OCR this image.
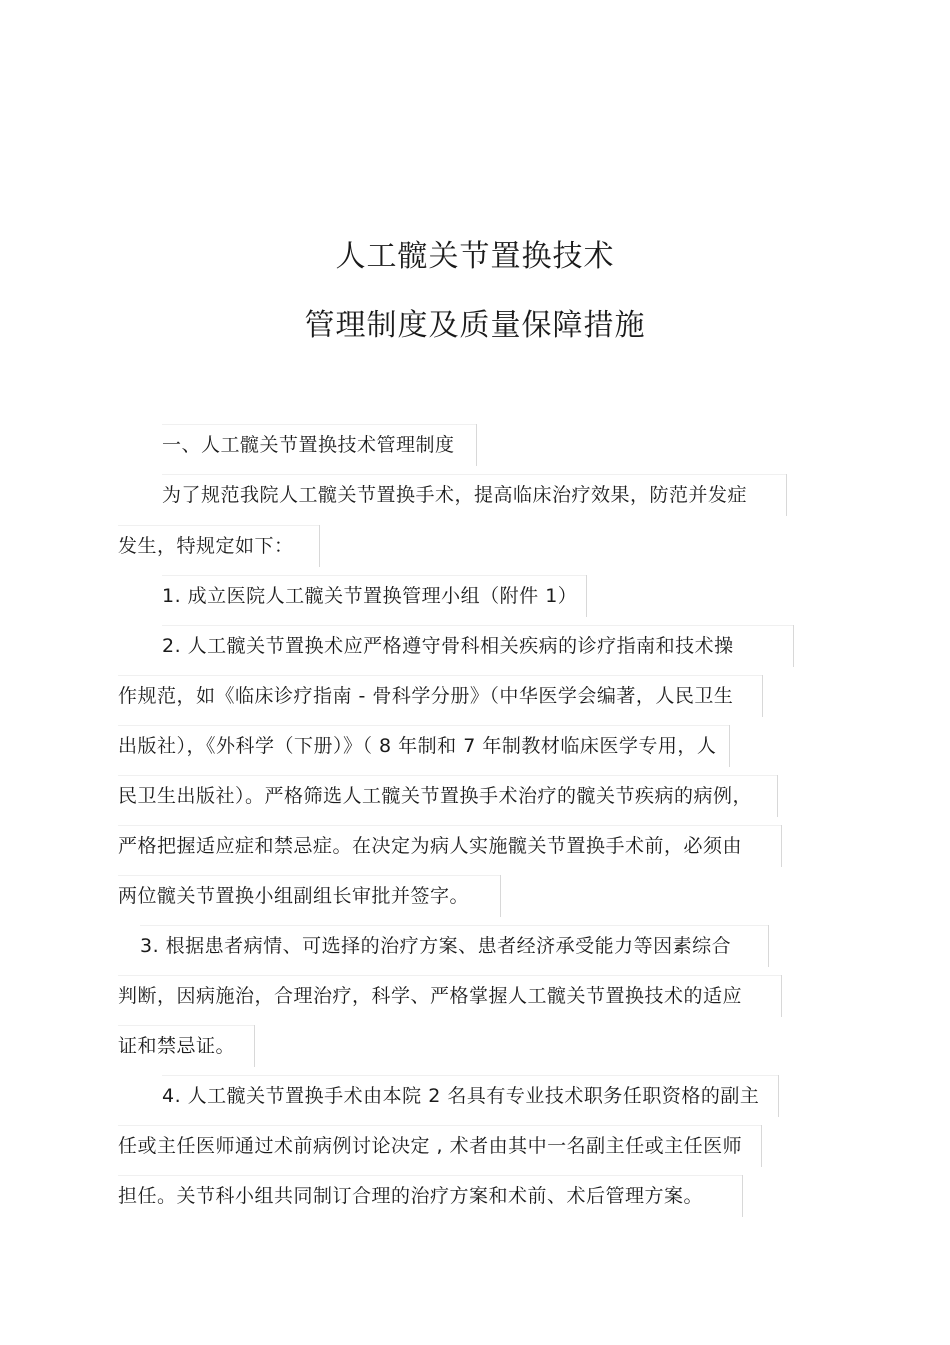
人工髋关节置换技术
管理制度及质量保障措施
一、人工髋关节置换技术管理制度
为了规范我院人工髋关节置换手术，提高临床治疗效果，防范并发症
发生，特规定如下：
1. 成立医院人工髋关节置换管理小组（附件 1）
2. 人工髋关节置换术应严格遵守骨科相关疾病的诊疗指南和技术操
作规范，如《临床诊疗指南 - 骨科学分册》（中华医学会编著，人民卫生
出版社），《外科学（下册）》（ 8 年制和 7 年制教材临床医学专用，人
民卫生出版社）。严格筛选人工髋关节置换手术治疗的髋关节疾病的病例，
严格把握适应症和禁忌症。在决定为病人实施髋关节置换手术前，必须由
两位髋关节置换小组副组长审批并签字。
3. 根据患者病情、可选择的治疗方案、患者经济承受能力等因素综合
判断，因病施治，合理治疗，科学、严格掌握人工髋关节置换技术的适应
证和禁忌证。
4. 人工髋关节置换手术由本院 2 名具有专业技术职务任职资格的副主
任或主任医师通过术前病例讨论决定 , 术者由其中一名副主任或主任医师
担任。关节科小组共同制订合理的治疗方案和术前、术后管理方案。
